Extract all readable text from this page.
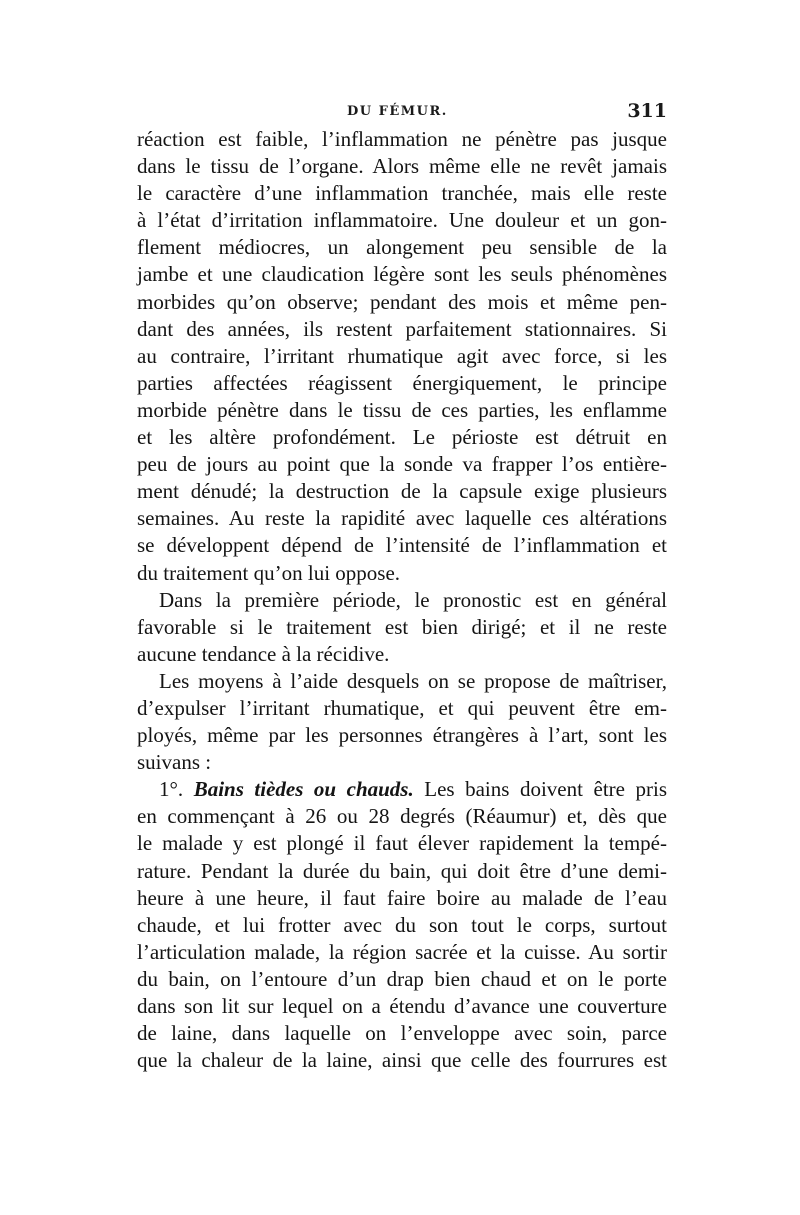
DU FÉMUR.	311
réaction est faible, l’inflammation ne pénètre pas jusque
dans le tissu de l’organe. Alors même elle ne revêt jamais
le caractère d’une inflammation tranchée, mais elle reste
à l’état d’irritation inflammatoire. Une douleur et un gon-
flement médiocres, un alongement peu sensible de la
jambe et une claudication légère sont les seuls phénomènes
morbides qu’on observe; pendant des mois et même pen-
dant des années, ils restent parfaitement stationnaires. Si
au contraire, l’irritant rhumatique agit avec force, si les
parties affectées réagissent énergiquement, le principe
morbide pénètre dans le tissu de ces parties, les enflamme
et les altère profondément. Le périoste est détruit en
peu de jours au point que la sonde va frapper l’os entière-
ment dénudé; la destruction de la capsule exige plusieurs
semaines. Au reste la rapidité avec laquelle ces altérations
se développent dépend de l’intensité de l’inflammation et
du traitement qu’on lui oppose.
Dans la première période, le pronostic est en général
favorable si le traitement est bien dirigé; et il ne reste
aucune tendance à la récidive.
Les moyens à l’aide desquels on se propose de maîtriser,
d’expulser l’irritant rhumatique, et qui peuvent être em-
ployés, même par les personnes étrangères à l’art, sont les
suivans :
1°. Bains tièdes ou chauds. Les bains doivent être pris
en commençant à 26 ou 28 degrés (Réaumur) et, dès que
le malade y est plongé il faut élever rapidement la tempé-
rature. Pendant la durée du bain, qui doit être d’une demi-
heure à une heure, il faut faire boire au malade de l’eau
chaude, et lui frotter avec du son tout le corps, surtout
l’articulation malade, la région sacrée et la cuisse. Au sortir
du bain, on l’entoure d’un drap bien chaud et on le porte
dans son lit sur lequel on a étendu d’avance une couverture
de laine, dans laquelle on l’enveloppe avec soin, parce
que la chaleur de la laine, ainsi que celle des fourrures est
